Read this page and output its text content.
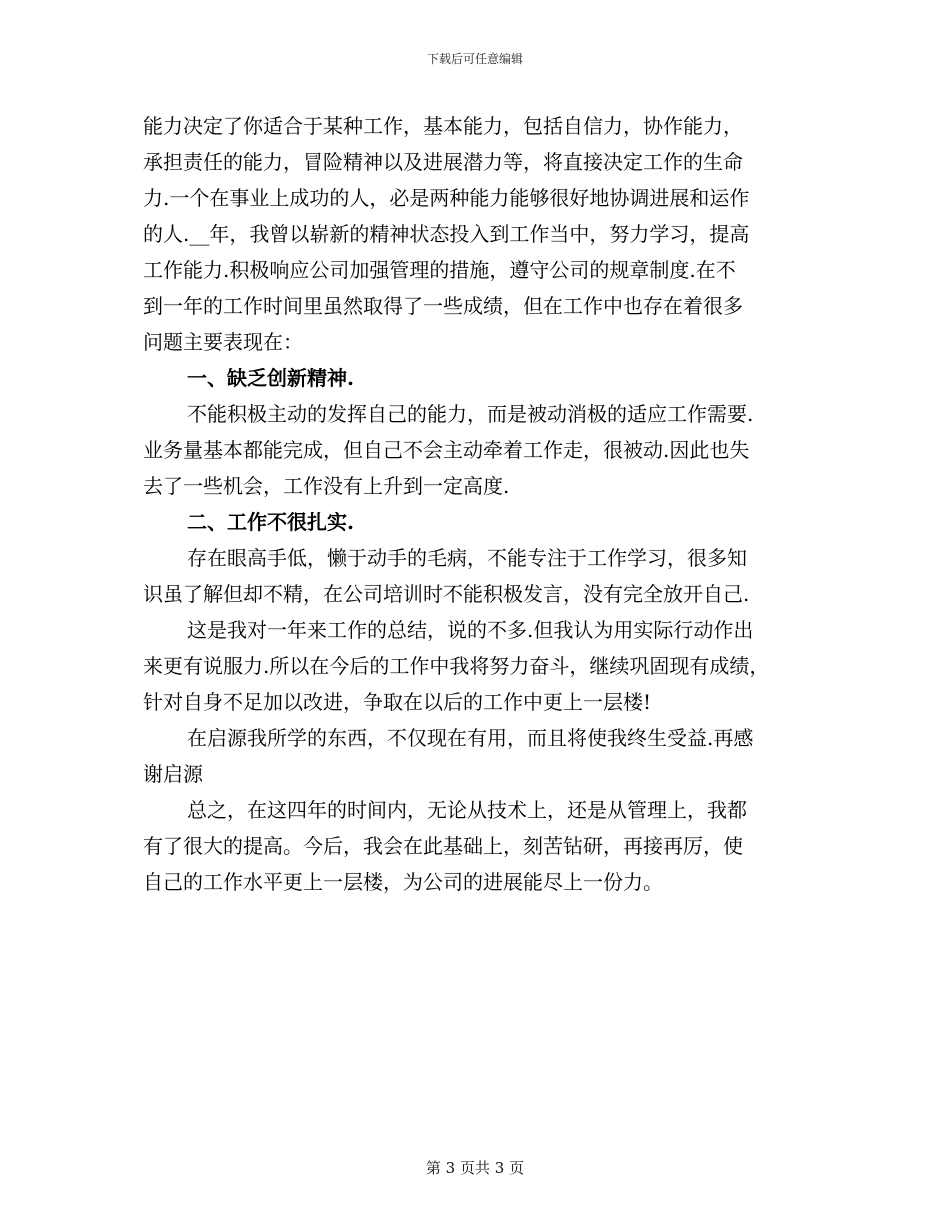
下载后可任意编辑
能力决定了你适合于某种工作，基本能力，包括自信力，协作能力，
承担责任的能力，冒险精神以及进展潜力等，将直接决定工作的生命
力.一个在事业上成功的人，必是两种能力能够很好地协调进展和运作
的人.__年，我曾以崭新的精神状态投入到工作当中，努力学习，提高
工作能力.积极响应公司加强管理的措施，遵守公司的规章制度.在不
到一年的工作时间里虽然取得了一些成绩，但在工作中也存在着很多
问题主要表现在：
一、缺乏创新精神.
不能积极主动的发挥自己的能力，而是被动消极的适应工作需要.
业务量基本都能完成，但自己不会主动牵着工作走，很被动.因此也失
去了一些机会，工作没有上升到一定高度.
二、工作不很扎实.
存在眼高手低，懒于动手的毛病，不能专注于工作学习，很多知
识虽了解但却不精，在公司培训时不能积极发言，没有完全放开自己.
这是我对一年来工作的总结，说的不多.但我认为用实际行动作出
来更有说服力.所以在今后的工作中我将努力奋斗，继续巩固现有成绩，
针对自身不足加以改进，争取在以后的工作中更上一层楼!
在启源我所学的东西，不仅现在有用，而且将使我终生受益.再感
谢启源
总之，在这四年的时间内，无论从技术上，还是从管理上，我都
有了很大的提高。今后，我会在此基础上，刻苦钻研，再接再厉，使
自己的工作水平更上一层楼，为公司的进展能尽上一份力。
第 3 页共 3 页
